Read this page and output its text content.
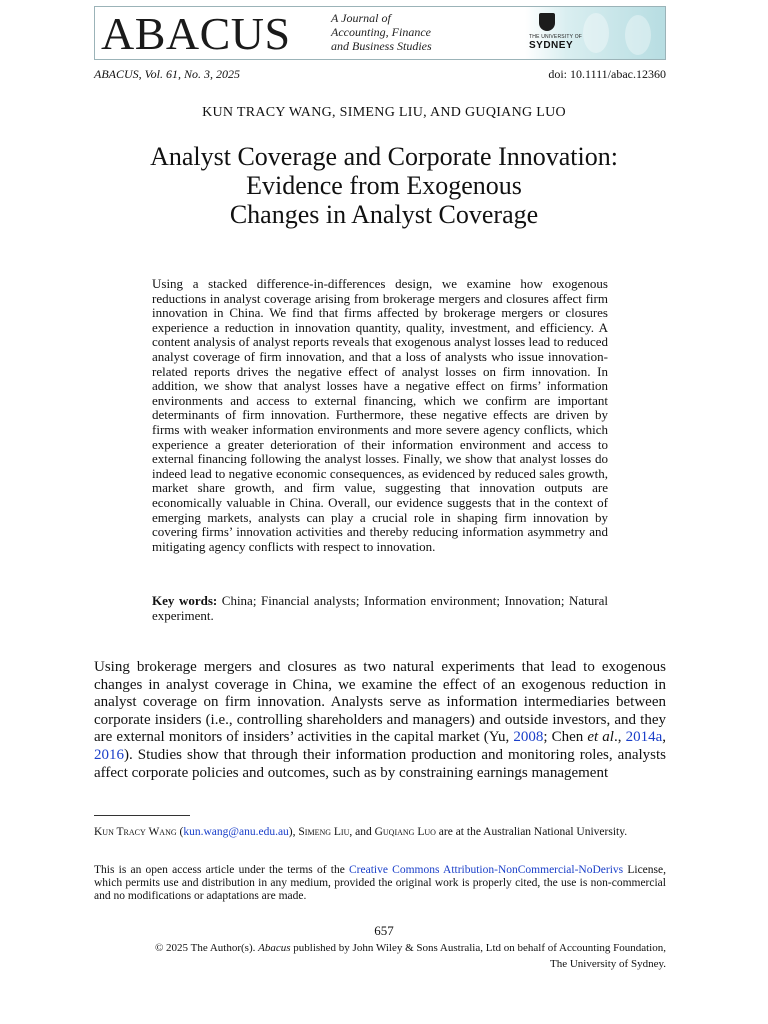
ABACUS	A Journal of
Accounting, Finance
and Business Studies
THE UNIVERSITY OF
SYDNEY
ABACUS, Vol. 61, No. 3, 2025	doi: 10.1111/abac.12360
KUN TRACY WANG, SIMENG LIU, AND GUQIANG LUO
Analyst Coverage and Corporate Innovation:
Evidence from Exogenous
Changes in Analyst Coverage
Using a stacked difference-in-differences design, we examine how exogenous reductions in analyst coverage arising from brokerage mergers and closures affect firm innovation in China. We find that firms affected by brokerage mergers or closures experience a reduction in innovation quantity, quality, investment, and efficiency. A content analysis of analyst reports reveals that exogenous analyst losses lead to reduced analyst coverage of firm innovation, and that a loss of analysts who issue innovation-related reports drives the negative effect of analyst losses on firm innovation. In addition, we show that analyst losses have a negative effect on firms’ information environments and access to external financing, which we confirm are important determinants of firm innovation. Furthermore, these negative effects are driven by firms with weaker information environments and more severe agency conflicts, which experience a greater deterioration of their information environment and access to external financing following the analyst losses. Finally, we show that analyst losses do indeed lead to negative economic consequences, as evidenced by reduced sales growth, market share growth, and firm value, suggesting that innovation outputs are economically valuable in China. Overall, our evidence suggests that in the context of emerging markets, analysts can play a crucial role in shaping firm innovation by covering firms’ innovation activities and thereby reducing information asymmetry and mitigating agency conflicts with respect to innovation.
Key words: China; Financial analysts; Information environment; Innovation; Natural experiment.
Using brokerage mergers and closures as two natural experiments that lead to exogenous changes in analyst coverage in China, we examine the effect of an exogenous reduction in analyst coverage on firm innovation. Analysts serve as information intermediaries between corporate insiders (i.e., controlling shareholders and managers) and outside investors, and they are external monitors of insiders’ activities in the capital market (Yu, 2008; Chen et al., 2014a, 2016). Studies show that through their information production and monitoring roles, analysts affect corporate policies and outcomes, such as by constraining earnings management
Kun Tracy Wang (kun.wang@anu.edu.au), Simeng Liu, and Guqiang Luo are at the Australian National University.
This is an open access article under the terms of the Creative Commons Attribution-NonCommercial-NoDerivs License, which permits use and distribution in any medium, provided the original work is properly cited, the use is non-commercial and no modifications or adaptations are made.
657
© 2025 The Author(s). Abacus published by John Wiley & Sons Australia, Ltd on behalf of Accounting Foundation,
The University of Sydney.
